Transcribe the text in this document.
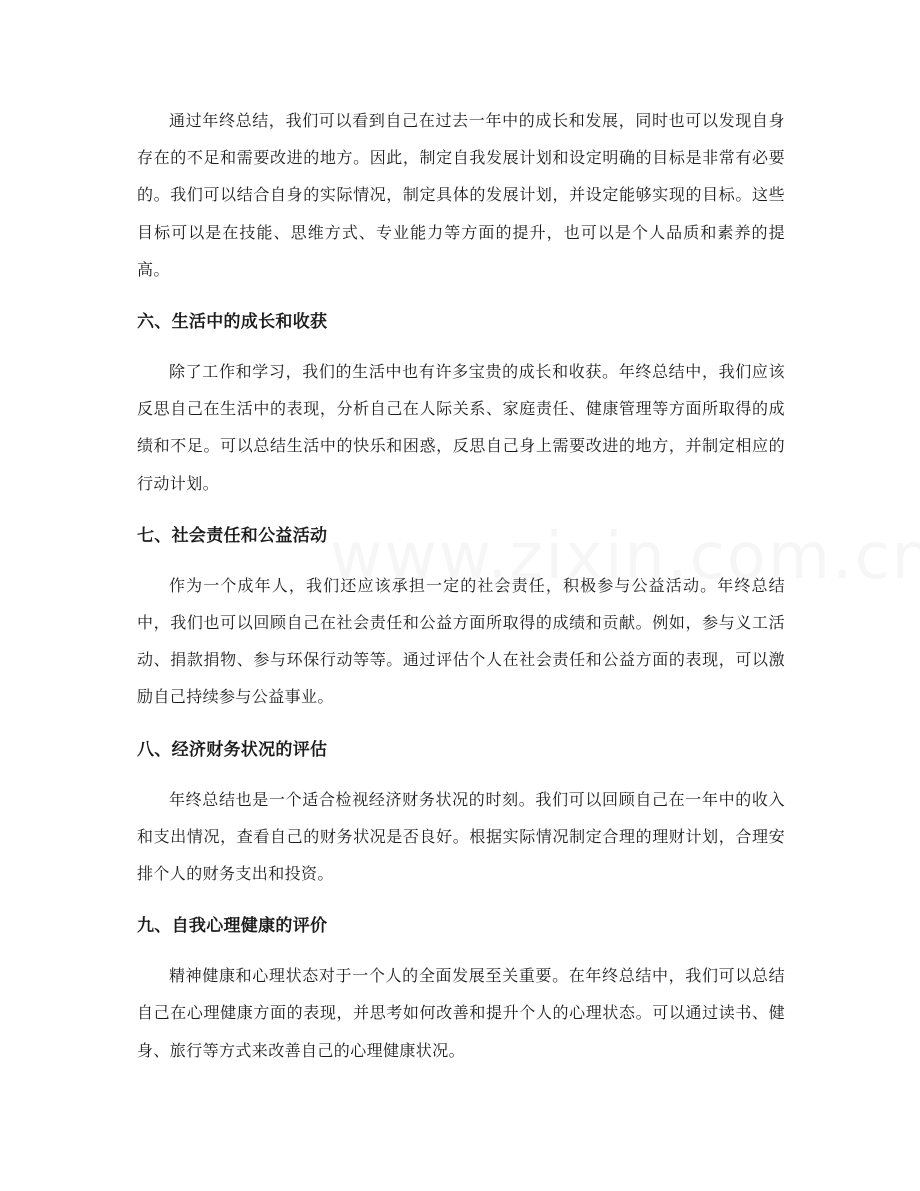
通过年终总结，我们可以看到自己在过去一年中的成长和发展，同时也可以发现自身存在的不足和需要改进的地方。因此，制定自我发展计划和设定明确的目标是非常有必要的。我们可以结合自身的实际情况，制定具体的发展计划，并设定能够实现的目标。这些目标可以是在技能、思维方式、专业能力等方面的提升，也可以是个人品质和素养的提高。

六、生活中的成长和收获

除了工作和学习，我们的生活中也有许多宝贵的成长和收获。年终总结中，我们应该反思自己在生活中的表现，分析自己在人际关系、家庭责任、健康管理等方面所取得的成绩和不足。可以总结生活中的快乐和困惑，反思自己身上需要改进的地方，并制定相应的行动计划。

七、社会责任和公益活动

作为一个成年人，我们还应该承担一定的社会责任，积极参与公益活动。年终总结中，我们也可以回顾自己在社会责任和公益方面所取得的成绩和贡献。例如，参与义工活动、捐款捐物、参与环保行动等等。通过评估个人在社会责任和公益方面的表现，可以激励自己持续参与公益事业。

八、经济财务状况的评估

年终总结也是一个适合检视经济财务状况的时刻。我们可以回顾自己在一年中的收入和支出情况，查看自己的财务状况是否良好。根据实际情况制定合理的理财计划，合理安排个人的财务支出和投资。

九、自我心理健康的评价

精神健康和心理状态对于一个人的全面发展至关重要。在年终总结中，我们可以总结自己在心理健康方面的表现，并思考如何改善和提升个人的心理状态。可以通过读书、健身、旅行等方式来改善自己的心理健康状况。
